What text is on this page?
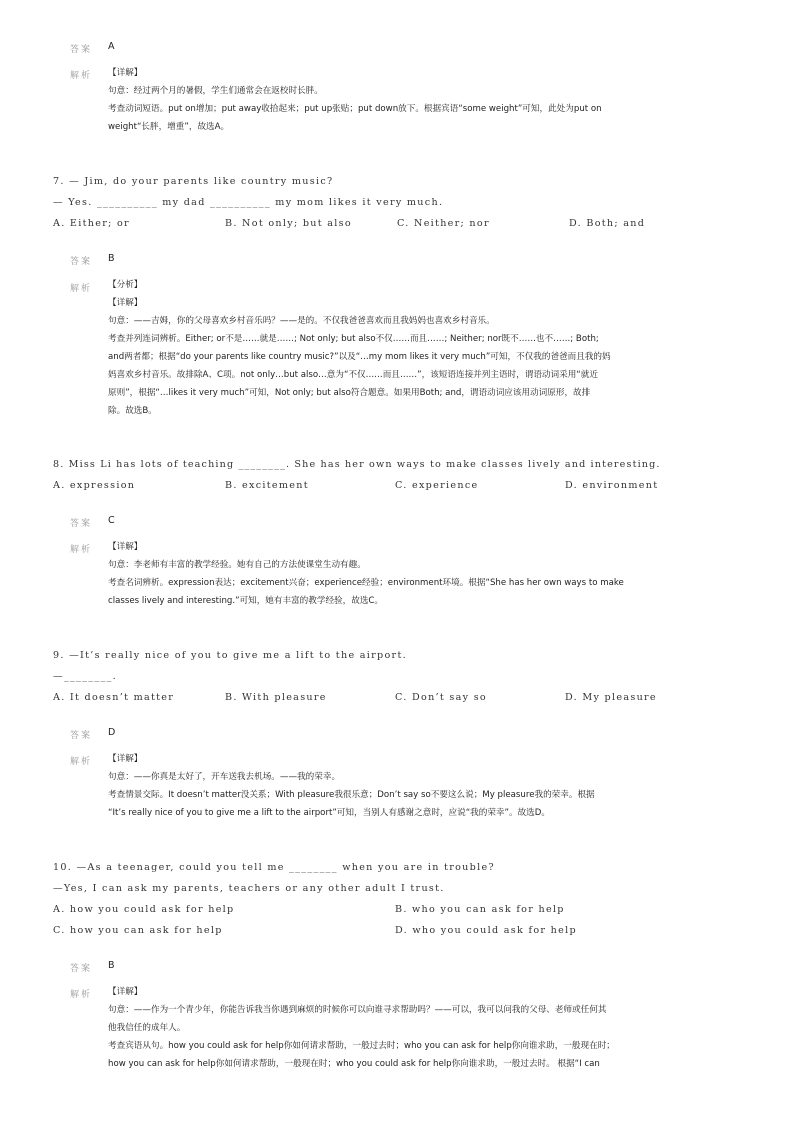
答案 A
解析 【详解】
句意：经过两个月的暑假，学生们通常会在返校时长胖。
考查动词短语。put on增加；put away收拾起来；put up张贴；put down放下。根据宾语“some weight”可知，此处为put on
weight“长胖，增重”，故选A。
7. — Jim, do your parents like country music?
— Yes. __________ my dad __________ my mom likes it very much.
A. Either; or	B. Not only; but also	C. Neither; nor	D. Both; and
答案 B
解析 【分析】
【详解】
句意：——吉姆，你的父母喜欢乡村音乐吗？——是的。不仅我爸爸喜欢而且我妈妈也喜欢乡村音乐。
考查并列连词辨析。Either; or不是……就是……; Not only; but also不仅……而且……; Neither; nor既不……也不……; Both;
and两者都；根据“do your parents like country music?”以及“…my mom likes it very much”可知，不仅我的爸爸而且我的妈
妈喜欢乡村音乐。故排除A、C项。not only…but also…意为“不仅……而且……”，该短语连接并列主语时，谓语动词采用“就近
原则”，根据“…likes it very much”可知，Not only; but also符合题意。如果用Both; and，谓语动词应该用动词原形，故排
除。故选B。
8. Miss Li has lots of teaching ________. She has her own ways to make classes lively and interesting.
A. expression	B. excitement	C. experience	D. environment
答案 C
解析 【详解】
句意：李老师有丰富的教学经验。她有自己的方法使课堂生动有趣。
考查名词辨析。expression表达；excitement兴奋；experience经验；environment环境。根据“She has her own ways to make
classes lively and interesting.”可知，她有丰富的教学经验，故选C。
9. —It’s really nice of you to give me a lift to the airport.
—________.
A. It doesn’t matter	B. With pleasure	C. Don’t say so	D. My pleasure
答案 D
解析 【详解】
句意：——你真是太好了，开车送我去机场。——我的荣幸。
考查情景交际。It doesn’t matter没关系；With pleasure我很乐意；Don’t say so不要这么说；My pleasure我的荣幸。根据
“It’s really nice of you to give me a lift to the airport”可知，当别人有感谢之意时，应说“我的荣幸”。故选D。
10. —As a teenager, could you tell me ________ when you are in trouble?
—Yes, I can ask my parents, teachers or any other adult I trust.
A. how you could ask for help	B. who you can ask for help
C. how you can ask for help	D. who you could ask for help
答案 B
解析 【详解】
句意：——作为一个青少年，你能告诉我当你遇到麻烦的时候你可以向谁寻求帮助吗？——可以，我可以问我的父母、老师或任何其
他我信任的成年人。
考查宾语从句。how you could ask for help你如何请求帮助，一般过去时；who you can ask for help你向谁求助，一般现在时；
how you can ask for help你如何请求帮助，一般现在时；who you could ask for help你向谁求助，一般过去时。 根据“I can
